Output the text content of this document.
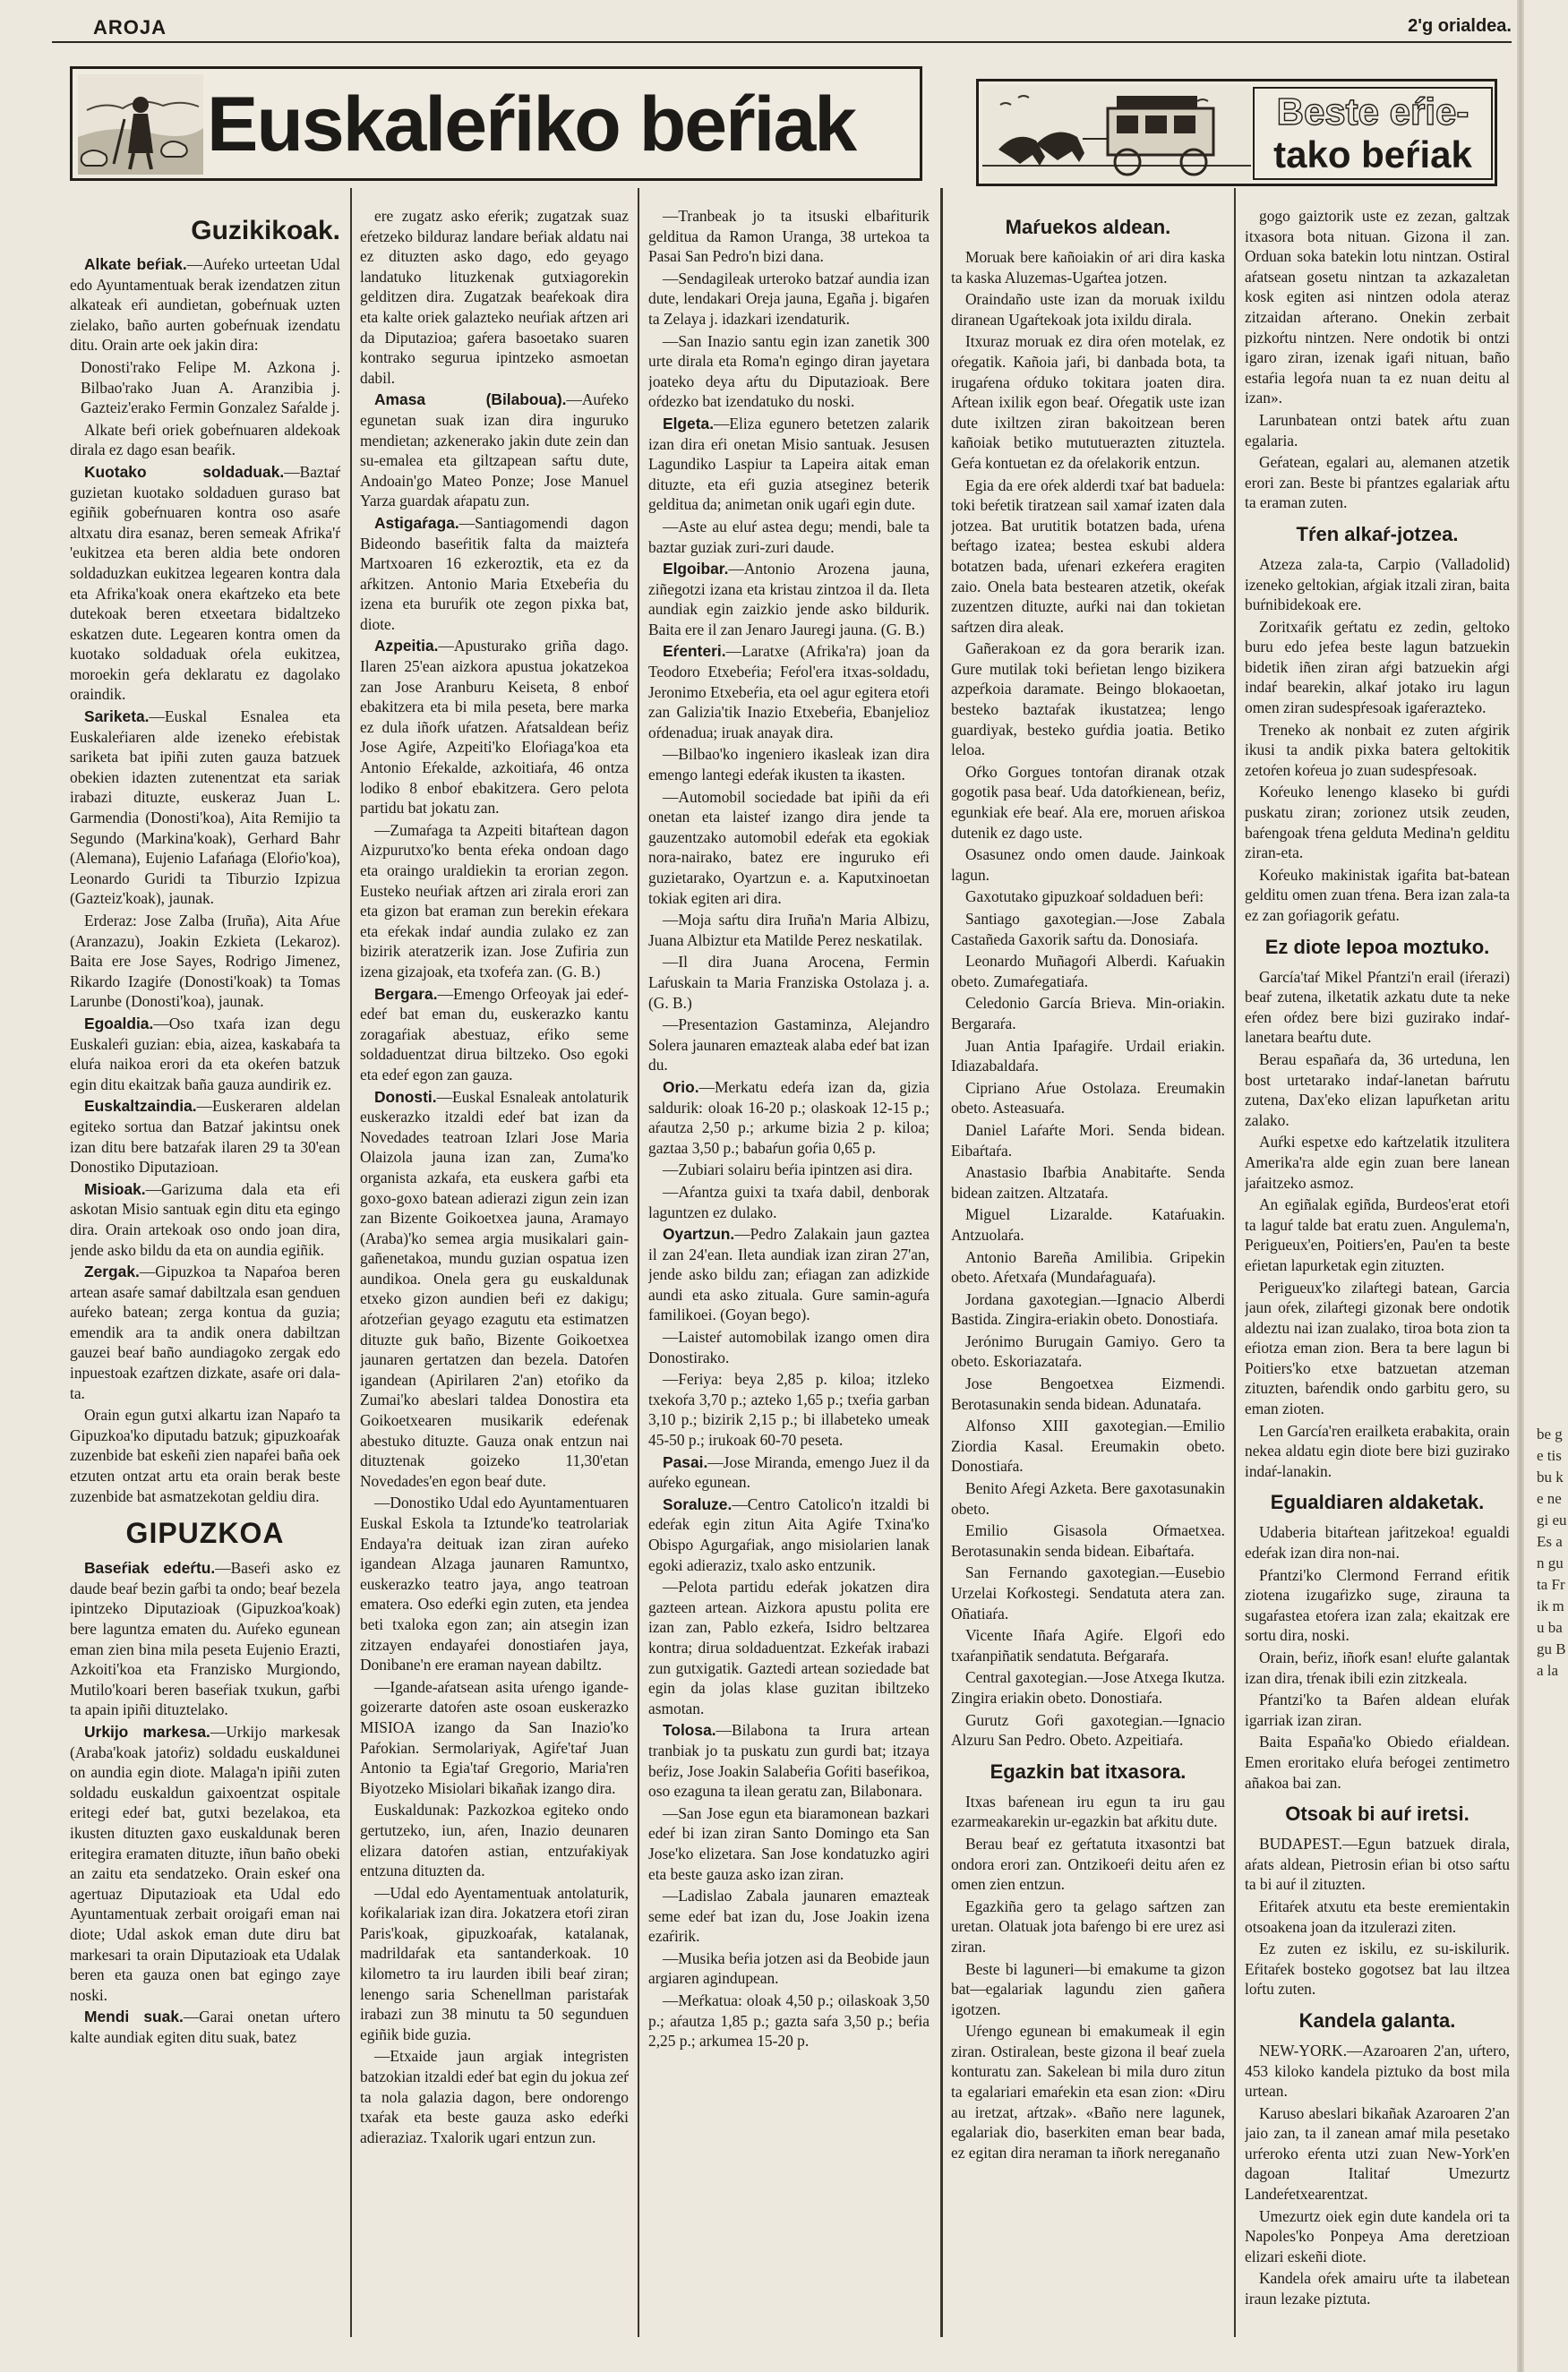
AROJA	2'g orialdea.
Euskaleŕiko beŕiak	Beste eŕie-
tako beŕiak
Guzikikoak.

Alkate beŕiak.—Auŕeko urteetan Udal edo Ayuntamentuak berak izendatzen zitun alkateak eŕi aundietan, gobeŕnuak uzten zielako, baño aurten gobeŕnuak izendatu ditu. Orain arte oek jakin dira:

Donosti'rako Felipe M. Azkona j. Bilbao'rako Juan A. Aranzibia j. Gazteiz'erako Fermin Gonzalez Saŕalde j.

Alkate beŕi oriek gobeŕnuaren aldekoak dirala ez dago esan beaŕik.

Kuotako soldaduak.—Baztaŕ guzietan kuotako soldaduen guraso bat egiñik gobeŕnuaren kontra oso asaŕe altxatu dira esanaz, beren semeak Afrika'ŕ 'eukitzea eta beren aldia bete ondoren soldaduzkan eukitzea legearen kontra dala eta Afrika'koak onera ekaŕtzeko eta bete dutekoak beren etxeetara bidaltzeko eskatzen dute. Legearen kontra omen da kuotako soldaduak oŕela eukitzea, moroekin geŕa deklaratu ez dagolako oraindik.

Sariketa.—Euskal Esnalea eta Euskaleŕiaren alde izeneko eŕebistak sariketa bat ipiñi zuten gauza batzuek obekien idazten zutenentzat eta sariak irabazi dituzte, euskeraz Juan L. Garmendia (Donosti'koa), Aita Remijio ta Segundo (Markina'koak), Gerhard Bahr (Alemana), Eujenio Lafańaga (Eloŕio'koa), Leonardo Guridi ta Tiburzio Izpizua (Gazteiz'koak), jaunak.

Erderaz: Jose Zalba (Iruña), Aita Aŕue (Aranzazu), Joakin Ezkieta (Lekaroz). Baita ere Jose Sayes, Rodrigo Jimenez, Rikardo Izagiŕe (Donosti'koak) ta Tomas Larunbe (Donosti'koa), jaunak.

Egoaldia.—Oso txaŕa izan degu Euskaleŕi guzian: ebia, aizea, kaskabaŕa ta eluŕa naikoa erori da eta okeŕen batzuk egin ditu ekaitzak baña gauza aundirik ez.

Euskaltzaindia.—Euskeraren aldelan egiteko sortua dan Batzaŕ jakintsu onek izan ditu bere batzaŕak ilaren 29 ta 30'ean Donostiko Diputazioan.

Misioak.—Garizuma dala eta eŕi askotan Misio santuak egin ditu eta egingo dira. Orain artekoak oso ondo joan dira, jende asko bildu da eta on aundia egiñik.

Zergak.—Gipuzkoa ta Napaŕoa beren artean asaŕe samaŕ dabiltzala esan genduen auŕeko batean; zerga kontua da guzia; emendik ara ta andik onera dabiltzan gauzei beaŕ baño aundiagoko zergak edo inpuestoak ezaŕtzen dizkate, asaŕe ori dala-ta.

Orain egun gutxi alkartu izan Napaŕo ta Gipuzkoa'ko diputadu batzuk; gipuzkoaŕak zuzenbide bat eskeñi zien napaŕei baña oek etzuten ontzat artu eta orain berak beste zuzenbide bat asmatzekotan geldiu dira.

GIPUZKOA

Baseŕiak edeŕtu.—Baseŕi asko ez daude beaŕ bezin gaŕbi ta ondo; beaŕ bezela ipintzeko Diputazioak (Gipuzkoa'koak) bere laguntza ematen du. Auŕeko egunean eman zien bina mila peseta Eujenio Erazti, Azkoiti'koa eta Franzisko Murgiondo, Mutilo'koari beren baseŕiak txukun, gaŕbi ta apain ipiñi dituztelako.

Urkijo markesa.—Urkijo markesak (Araba'koak jatoŕiz) soldadu euskaldunei on aundia egin diote. Malaga'n ipiñi zuten soldadu euskaldun gaixoentzat ospitale eritegi edeŕ bat, gutxi bezelakoa, eta ikusten dituzten gaxo euskaldunak beren eritegira eramaten dituzte, iñun baño obeki an zaitu eta sendatzeko. Orain eskeŕ ona agertuaz Diputazioak eta Udal edo Ayuntamentuak zerbait oroigaŕi eman nai diote; Udal askok eman dute diru bat markesari ta orain Diputazioak eta Udalak beren eta gauza onen bat egingo zaye noski.

Mendi suak.—Garai onetan uŕtero kalte aundiak egiten ditu suak, batez

ere zugatz asko eŕerik; zugatzak suaz eŕetzeko bilduraz landare beŕiak aldatu nai ez dituzten asko dago, edo geyago landatuko lituzkenak gutxiagorekin gelditzen dira. Zugatzak beaŕekoak dira eta kalte oriek galazteko neuŕiak aŕtzen ari da Diputazioa; gaŕera basoetako suaren kontrako segurua ipintzeko asmoetan dabil.

Amasa (Bilaboua).—Auŕeko egunetan suak izan dira inguruko mendietan; azkenerako jakin dute zein dan su-emalea eta giltzapean saŕtu dute, Andoain'go Mateo Ponze; Jose Manuel Yarza guardak aŕapatu zun.

Astigaŕaga.—Santiagomendi dagon Bideondo baseŕitik falta da maizteŕa Martxoaren 16 ezkeroztik, eta ez da aŕkitzen. Antonio Maria Etxebeŕia du izena eta buruŕik ote zegon pixka bat, diote.

Azpeitia.—Apusturako griña dago. Ilaren 25'ean aizkora apustua jokatzekoa zan Jose Aranburu Keiseta, 8 enboŕ ebakitzera eta bi mila peseta, bere marka ez dula iñoŕk uŕatzen. Aŕatsaldean beŕiz Jose Agiŕe, Azpeiti'ko Eloŕiaga'koa eta Antonio Eŕekalde, azkoitiaŕa, 46 ontza lodiko 8 enboŕ ebakitzera. Gero pelota partidu bat jokatu zan.

—Zumaŕaga ta Azpeiti bitaŕtean dagon Aizpurutxo'ko benta eŕeka ondoan dago eta oraingo uraldiekin ta erorian zegon. Eusteko neuŕiak aŕtzen ari zirala erori zan eta gizon bat eraman zun berekin eŕekara eta eŕekak indaŕ aundia zulako ez zan bizirik ateratzerik izan. Jose Zufiria zun izena gizajoak, eta txofeŕa zan. (G. B.)

Bergara.—Emengo Orfeoyak jai edeŕ-edeŕ bat eman du, euskerazko kantu zoragaŕiak abestuaz, eŕiko seme soldaduentzat dirua biltzeko. Oso egoki eta edeŕ egon zan gauza.

Donosti.—Euskal Esnaleak antolaturik euskerazko itzaldi edeŕ bat izan da Novedades teatroan Izlari Jose Maria Olaizola jauna izan zan, Zuma'ko organista azkaŕa, eta euskera gaŕbi eta goxo-goxo batean adierazi zigun zein izan zan Bizente Goikoetxea jauna, Aramayo (Araba)'ko semea argia musikalari gain-gañenetakoa, mundu guzian ospatua izen aundikoa. Onela gera gu euskaldunak etxeko gizon aundien beŕi ez dakigu; aŕotzeŕian geyago ezagutu eta estimatzen dituzte guk baño, Bizente Goikoetxea jaunaren gertatzen dan bezela. Datoŕen igandean (Apirilaren 2'an) etoŕiko da Zumai'ko abeslari taldea Donostira eta Goikoetxearen musikarik edeŕenak abestuko dituzte. Gauza onak entzun nai dituztenak goizeko 11,30'etan Novedades'en egon beaŕ dute.

—Donostiko Udal edo Ayuntamentuaren Euskal Eskola ta Iztunde'ko teatrolariak Endaya'ra deituak izan ziran auŕeko igandean Alzaga jaunaren Ramuntxo, euskerazko teatro jaya, ango teatroan ematera. Oso edeŕki egin zuten, eta jendea beti txaloka egon zan; ain atsegin izan zitzayen endayaŕei donostiaŕen jaya, Donibane'n ere eraman nayean dabiltz.

—Igande-aŕatsean asita uŕengo igande-goizerarte datoŕen aste osoan euskerazko MISIOA izango da San Inazio'ko Paŕokian. Sermolariyak, Agiŕe'taŕ Juan Antonio ta Egia'taŕ Gregorio, Maria'ren Biyotzeko Misiolari bikañak izango dira.

Euskaldunak: Pazkozkoa egiteko ondo gertutzeko, iun, aŕen, Inazio deunaren elizara datoŕen astian, entzuŕakiyak entzuna dituzten da.

—Udal edo Ayentamentuak antolaturik, koŕikalariak izan dira. Jokatzera etoŕi ziran Paris'koak, gipuzkoaŕak, katalanak, madrildaŕak eta santanderkoak. 10 kilometro ta iru laurden ibili beaŕ ziran; lenengo saria Schenellman paristaŕak irabazi zun 38 minutu ta 50 segunduen egiñik bide guzia.

—Etxaide jaun argiak integristen batzokian itzaldi edeŕ bat egin du jokua zeŕ ta nola galazia dagon, bere ondorengo txaŕak eta beste gauza asko edeŕki adieraziaz. Txalorik ugari entzun zun.

—Tranbeak jo ta itsuski elbaŕiturik gelditua da Ramon Uranga, 38 urtekoa ta Pasai San Pedro'n bizi dana.

—Sendagileak urteroko batzaŕ aundia izan dute, lendakari Oreja jauna, Egaña j. bigaŕen ta Zelaya j. idazkari izendaturik.

—San Inazio santu egin izan zanetik 300 urte dirala eta Roma'n egingo diran jayetara joateko deya aŕtu du Diputazioak. Bere oŕdezko bat izendatuko du noski.

Elgeta.—Eliza egunero betetzen zalarik izan dira eŕi onetan Misio santuak. Jesusen Lagundiko Laspiur ta Lapeira aitak eman dituzte, eta eŕi guzia atseginez beterik gelditua da; animetan onik ugaŕi egin dute.

—Aste au eluŕ astea degu; mendi, bale ta baztar guziak zuri-zuri daude.

Elgoibar.—Antonio Arozena jauna, ziñegotzi izana eta kristau zintzoa il da. Ileta aundiak egin zaizkio jende asko bildurik. Baita ere il zan Jenaro Jauregi jauna. (G. B.)

Eŕenteri.—Laratxe (Afrika'ra) joan da Teodoro Etxebeŕia; Feŕol'era itxas-soldadu, Jeronimo Etxebeŕia, eta oel agur egitera etoŕi zan Galizia'tik Inazio Etxebeŕia, Ebanjelioz oŕdenadua; iruak anayak dira.

—Bilbao'ko ingeniero ikasleak izan dira emengo lantegi edeŕak ikusten ta ikasten.

—Automobil sociedade bat ipiñi da eŕi onetan eta laisteŕ izango dira jende ta gauzentzako automobil edeŕak eta egokiak nora-nairako, batez ere inguruko eŕi guzietarako, Oyartzun e. a. Kaputxinoetan tokiak egiten ari dira.

—Moja saŕtu dira Iruña'n Maria Albizu, Juana Albiztur eta Matilde Perez neskatilak.

—Il dira Juana Arocena, Fermin Laŕuskain ta Maria Franziska Ostolaza j. a. (G. B.)

—Presentazion Gastaminza, Alejandro Solera jaunaren emazteak alaba edeŕ bat izan du.

Orio.—Merkatu edeŕa izan da, gizia saldurik: oloak 16-20 p.; olaskoak 12-15 p.; aŕautza 2,50 p.; arkume bizia 2 p. kiloa; gaztaa 3,50 p.; babaŕun goŕia 0,65 p.

—Zubiari solairu beŕia ipintzen asi dira.

—Aŕantza guixi ta txaŕa dabil, denborak laguntzen ez dulako.

Oyartzun.—Pedro Zalakain jaun gaztea il zan 24'ean. Ileta aundiak izan ziran 27'an, jende asko bildu zan; eŕiagan zan adizkide aundi eta asko zituala. Gure samin-aguŕa familikoei. (Goyan bego).

—Laisteŕ automobilak izango omen dira Donostirako.

—Feriya: beya 2,85 p. kiloa; itzleko txekoŕa 3,70 p.; azteko 1,65 p.; txeŕia garban 3,10 p.; bizirik 2,15 p.; bi illabeteko umeak 45-50 p.; irukoak 60-70 peseta.

Pasai.—Jose Miranda, emengo Juez il da auŕeko egunean.

Soraluze.—Centro Catolico'n itzaldi bi edeŕak egin zitun Aita Agiŕe Txina'ko Obispo Agurgaŕiak, ango misiolarien lanak egoki adieraziz, txalo asko entzunik.

—Pelota partidu edeŕak jokatzen dira gazteen artean. Aizkora apustu polita ere izan zan, Pablo ezkeŕa, Isidro beltzarea kontra; dirua soldaduentzat. Ezkeŕak irabazi zun gutxigatik. Gaztedi artean soziedade bat egin da jolas klase guzitan ibiltzeko asmotan.

Tolosa.—Bilabona ta Irura artean tranbiak jo ta puskatu zun gurdi bat; itzaya beŕiz, Jose Joakin Salabeŕia Goŕiti baseŕikoa, oso ezaguna ta ilean geratu zan, Bilabonara.

—San Jose egun eta biaramonean bazkari edeŕ bi izan ziran Santo Domingo eta San Jose'ko elizetara. San Jose kondatuzko agiri eta beste gauza asko izan ziran.

—Ladislao Zabala jaunaren emazteak seme edeŕ bat izan du, Jose Joakin izena ezaŕirik.

—Musika beŕia jotzen asi da Beobide jaun argiaren agindupean.

—Meŕkatua: oloak 4,50 p.; oilaskoak 3,50 p.; aŕautza 1,85 p.; gazta saŕa 3,50 p.; beŕia 2,25 p.; arkumea 15-20 p.

Maŕuekos aldean.

Moruak bere kañoiakin oŕ ari dira kaska ta kaska Aluzemas-Ugaŕtea jotzen.

Oraindaño uste izan da moruak ixildu diranean Ugaŕtekoak jota ixildu dirala.

Itxuraz moruak ez dira oŕen motelak, ez oŕegatik. Kañoia jaŕi, bi danbada bota, ta irugaŕena oŕduko tokitara joaten dira. Aŕtean ixilik egon beaŕ. Oŕegatik uste izan dute ixiltzen ziran bakoitzean beren kañoiak betiko mututuerazten zituztela. Geŕa kontuetan ez da oŕelakorik entzun.

Egia da ere oŕek alderdi txaŕ bat baduela: toki beŕetik tiratzean sail xamaŕ izaten dala jotzea. Bat urutitik botatzen bada, uŕena beŕtago izatea; bestea eskubi aldera botatzen bada, uŕenari ezkeŕera eragiten zaio. Onela bata bestearen atzetik, okeŕak zuzentzen dituzte, auŕki nai dan tokietan saŕtzen dira aleak.

Gañerakoan ez da gora berarik izan. Gure mutilak toki beŕietan lengo bizikera azpeŕkoia daramate. Beingo blokaoetan, besteko baztaŕak ikustatzea; lengo guardiyak, besteko guŕdia joatia. Betiko leloa.

Oŕko Gorgues tontoŕan diranak otzak gogotik pasa beaŕ. Uda datoŕkienean, beŕiz, egunkiak eŕe beaŕ. Ala ere, moruen aŕiskoa dutenik ez dago uste.

Osasunez ondo omen daude. Jainkoak lagun.

Gaxotutako gipuzkoaŕ soldaduen beŕi:

Santiago gaxotegian.—Jose Zabala Castañeda Gaxorik saŕtu da. Donosiaŕa.

Leonardo Muñagoŕi Alberdi. Kaŕuakin obeto. Zumaŕegatiaŕa.

Celedonio García Brieva. Min-oriakin. Bergaraŕa.

Juan Antia Ipaŕagiŕe. Urdail eriakin. Idiazabaldaŕa.

Cipriano Aŕue Ostolaza. Ereumakin obeto. Asteasuaŕa.

Daniel Laŕaŕte Mori. Senda bidean. Eibaŕtaŕa.

Anastasio Ibaŕbia Anabitaŕte. Senda bidean zaitzen. Altzataŕa.

Miguel Lizaralde. Kataŕuakin. Antzuolaŕa.

Antonio Bareña Amilibia. Gripekin obeto. Aŕetxaŕa (Mundaŕaguaŕa).

Jordana gaxotegian.—Ignacio Alberdi Bastida. Zingira-eriakin obeto. Donostiaŕa.

Jerónimo Burugain Gamiyo. Gero ta obeto. Eskoriazataŕa.

Jose Bengoetxea Eizmendi. Berotasunakin senda bidean. Adunataŕa.

Alfonso XIII gaxotegian.—Emilio Ziordia Kasal. Ereumakin obeto. Donostiaŕa.

Benito Aŕegi Azketa. Bere gaxotasunakin obeto.

Emilio Gisasola Oŕmaetxea. Berotasunakin senda bidean. Eibaŕtaŕa.

San Fernando gaxotegian.—Eusebio Urzelai Koŕkostegi. Sendatuta atera zan. Oñatiaŕa.

Vicente Iñaŕa Agiŕe. Elgoŕi edo txaŕanpiñatik sendatuta. Beŕgaraŕa.

Central gaxotegian.—Jose Atxega Ikutza. Zingira eriakin obeto. Donostiaŕa.

Gurutz Goŕi gaxotegian.—Ignacio Alzuru San Pedro. Obeto. Azpeitiaŕa.

Egazkin bat itxasora.

Itxas baŕenean iru egun ta iru gau ezarmeakarekin ur-egazkin bat aŕkitu dute.

Berau beaŕ ez geŕtatuta itxasontzi bat ondora erori zan. Ontzikoeŕi deitu aŕen ez omen zien entzun.

Egazkiña gero ta gelago saŕtzen zan uretan. Olatuak jota baŕengo bi ere urez asi ziran.

Beste bi laguneri—bi emakume ta gizon bat—egalariak lagundu zien gañera igotzen.

Uŕengo egunean bi emakumeak il egin ziran. Ostiralean, beste gizona il beaŕ zuela konturatu zan. Sakelean bi mila duro zitun ta egalariari emaŕekin eta esan zion: «Diru au iretzat, aŕtzak». «Baño nere lagunek, egalariak dio, baserkiten eman bear bada, ez egitan dira neraman ta iñork nereganaño

gogo gaiztorik uste ez zezan, galtzak itxasora bota nituan. Gizona il zan. Orduan soka batekin lotu nintzan. Ostiral aŕatsean gosetu nintzan ta azkazaletan kosk egiten asi nintzen odola ateraz zitzaidan aŕterano. Onekin zerbait pizkoŕtu nintzen. Nere ondotik bi ontzi igaro ziran, izenak igaŕi nituan, baño estaŕia legoŕa nuan ta ez nuan deitu al izan».

Larunbatean ontzi batek aŕtu zuan egalaria.

Geŕatean, egalari au, alemanen atzetik erori zan. Beste bi pŕantzes egalariak aŕtu ta eraman zuten.

Tŕen alkaŕ-jotzea.

Atzeza zala-ta, Carpio (Valladolid) izeneko geltokian, aŕgiak itzali ziran, baita buŕnibidekoak ere.

Zoritxaŕik geŕtatu ez zedin, geltoko buru edo jefea beste lagun batzuekin bidetik iñen ziran aŕgi batzuekin aŕgi indaŕ bearekin, alkaŕ jotako iru lagun omen ziran sudespŕesoak igaŕerazteko.

Treneko ak nonbait ez zuten aŕgirik ikusi ta andik pixka batera geltokitik zetoŕen koŕeua jo zuan sudespŕesoak.

Koŕeuko lenengo klaseko bi guŕdi puskatu ziran; zorionez utsik zeuden, baŕengoak tŕena gelduta Medina'n gelditu ziran-eta.

Koŕeuko makinistak igaŕita bat-batean gelditu omen zuan tŕena. Bera izan zala-ta ez zan goŕiagorik geŕatu.

Ez diote lepoa moztuko.

García'taŕ Mikel Pŕantzi'n erail (iŕerazi) beaŕ zutena, ilketatik azkatu dute ta neke eŕen oŕdez bere bizi guzirako indaŕ-lanetara beaŕtu dute.

Berau españaŕa da, 36 urteduna, len bost urtetarako indaŕ-lanetan baŕrutu zutena, Dax'eko elizan lapuŕketan aritu zalako.

Auŕki espetxe edo kaŕtzelatik itzulitera Amerika'ra alde egin zuan bere lanean jaŕaitzeko asmoz.

An egiñalak egiñda, Burdeos'erat etoŕi ta laguŕ talde bat eratu zuen. Angulema'n, Perigueux'en, Poitiers'en, Pau'en ta beste eŕietan lapurketak egin zituzten.

Perigueux'ko zilaŕtegi batean, Garcia jaun oŕek, zilaŕtegi gizonak bere ondotik aldeztu nai izan zualako, tiroa bota zion ta eŕiotza eman zion. Bera ta bere lagun bi Poitiers'ko etxe batzuetan atzeman zituzten, baŕendik ondo garbitu gero, su eman zioten.

Len García'ren erailketa erabakita, orain nekea aldatu egin diote bere bizi guzirako indaŕ-lanakin.

Egualdiaren aldaketak.

Udaberia bitaŕtean jaŕitzekoa! egualdi edeŕak izan dira non-nai.

Pŕantzi'ko Clermond Ferrand eŕitik ziotena izugaŕizko suge, zirauna ta sugaŕastea etoŕera izan zala; ekaitzak ere sortu dira, noski.

Orain, beŕiz, iñoŕk esan! eluŕte galantak izan dira, tŕenak ibili ezin zitzkeala.

Pŕantzi'ko ta Baŕen aldean eluŕak igarriak izan ziran.

Baita España'ko Obiedo eŕialdean. Emen eroritako eluŕa beŕogei zentimetro añakoa bai zan.

Otsoak bi auŕ iretsi.

BUDAPEST.—Egun batzuek dirala, aŕats aldean, Pietrosin eŕian bi otso saŕtu ta bi auŕ il zituzten.

Eŕitaŕek atxutu eta beste eremientakin otsoakena joan da itzulerazi ziten.

Ez zuten ez iskilu, ez su-iskilurik. Eŕitaŕek bosteko gogotsez bat lau iltzea loŕtu zuten.

Kandela galanta.

NEW-YORK.—Azaroaren 2'an, uŕtero, 453 kiloko kandela piztuko da bost mila urtean.

Karuso abeslari bikañak Azaroaren 2'an jaio zan, ta il zanean amaŕ mila pesetako urŕeroko eŕenta utzi zuan New-York'en dagoan Italitaŕ Umezurtz Landeŕetxearentzat.

Umezurtz oiek egin dute kandela ori ta Napoles'ko Ponpeya Ama deretzioan elizari eskeñi diote.

Kandela oŕek amairu uŕte ta ilabetean iraun lezake piztuta.

be ge tis bu ke ne gi eu Es an gu ta Fr ik mu ba gu Ba la
